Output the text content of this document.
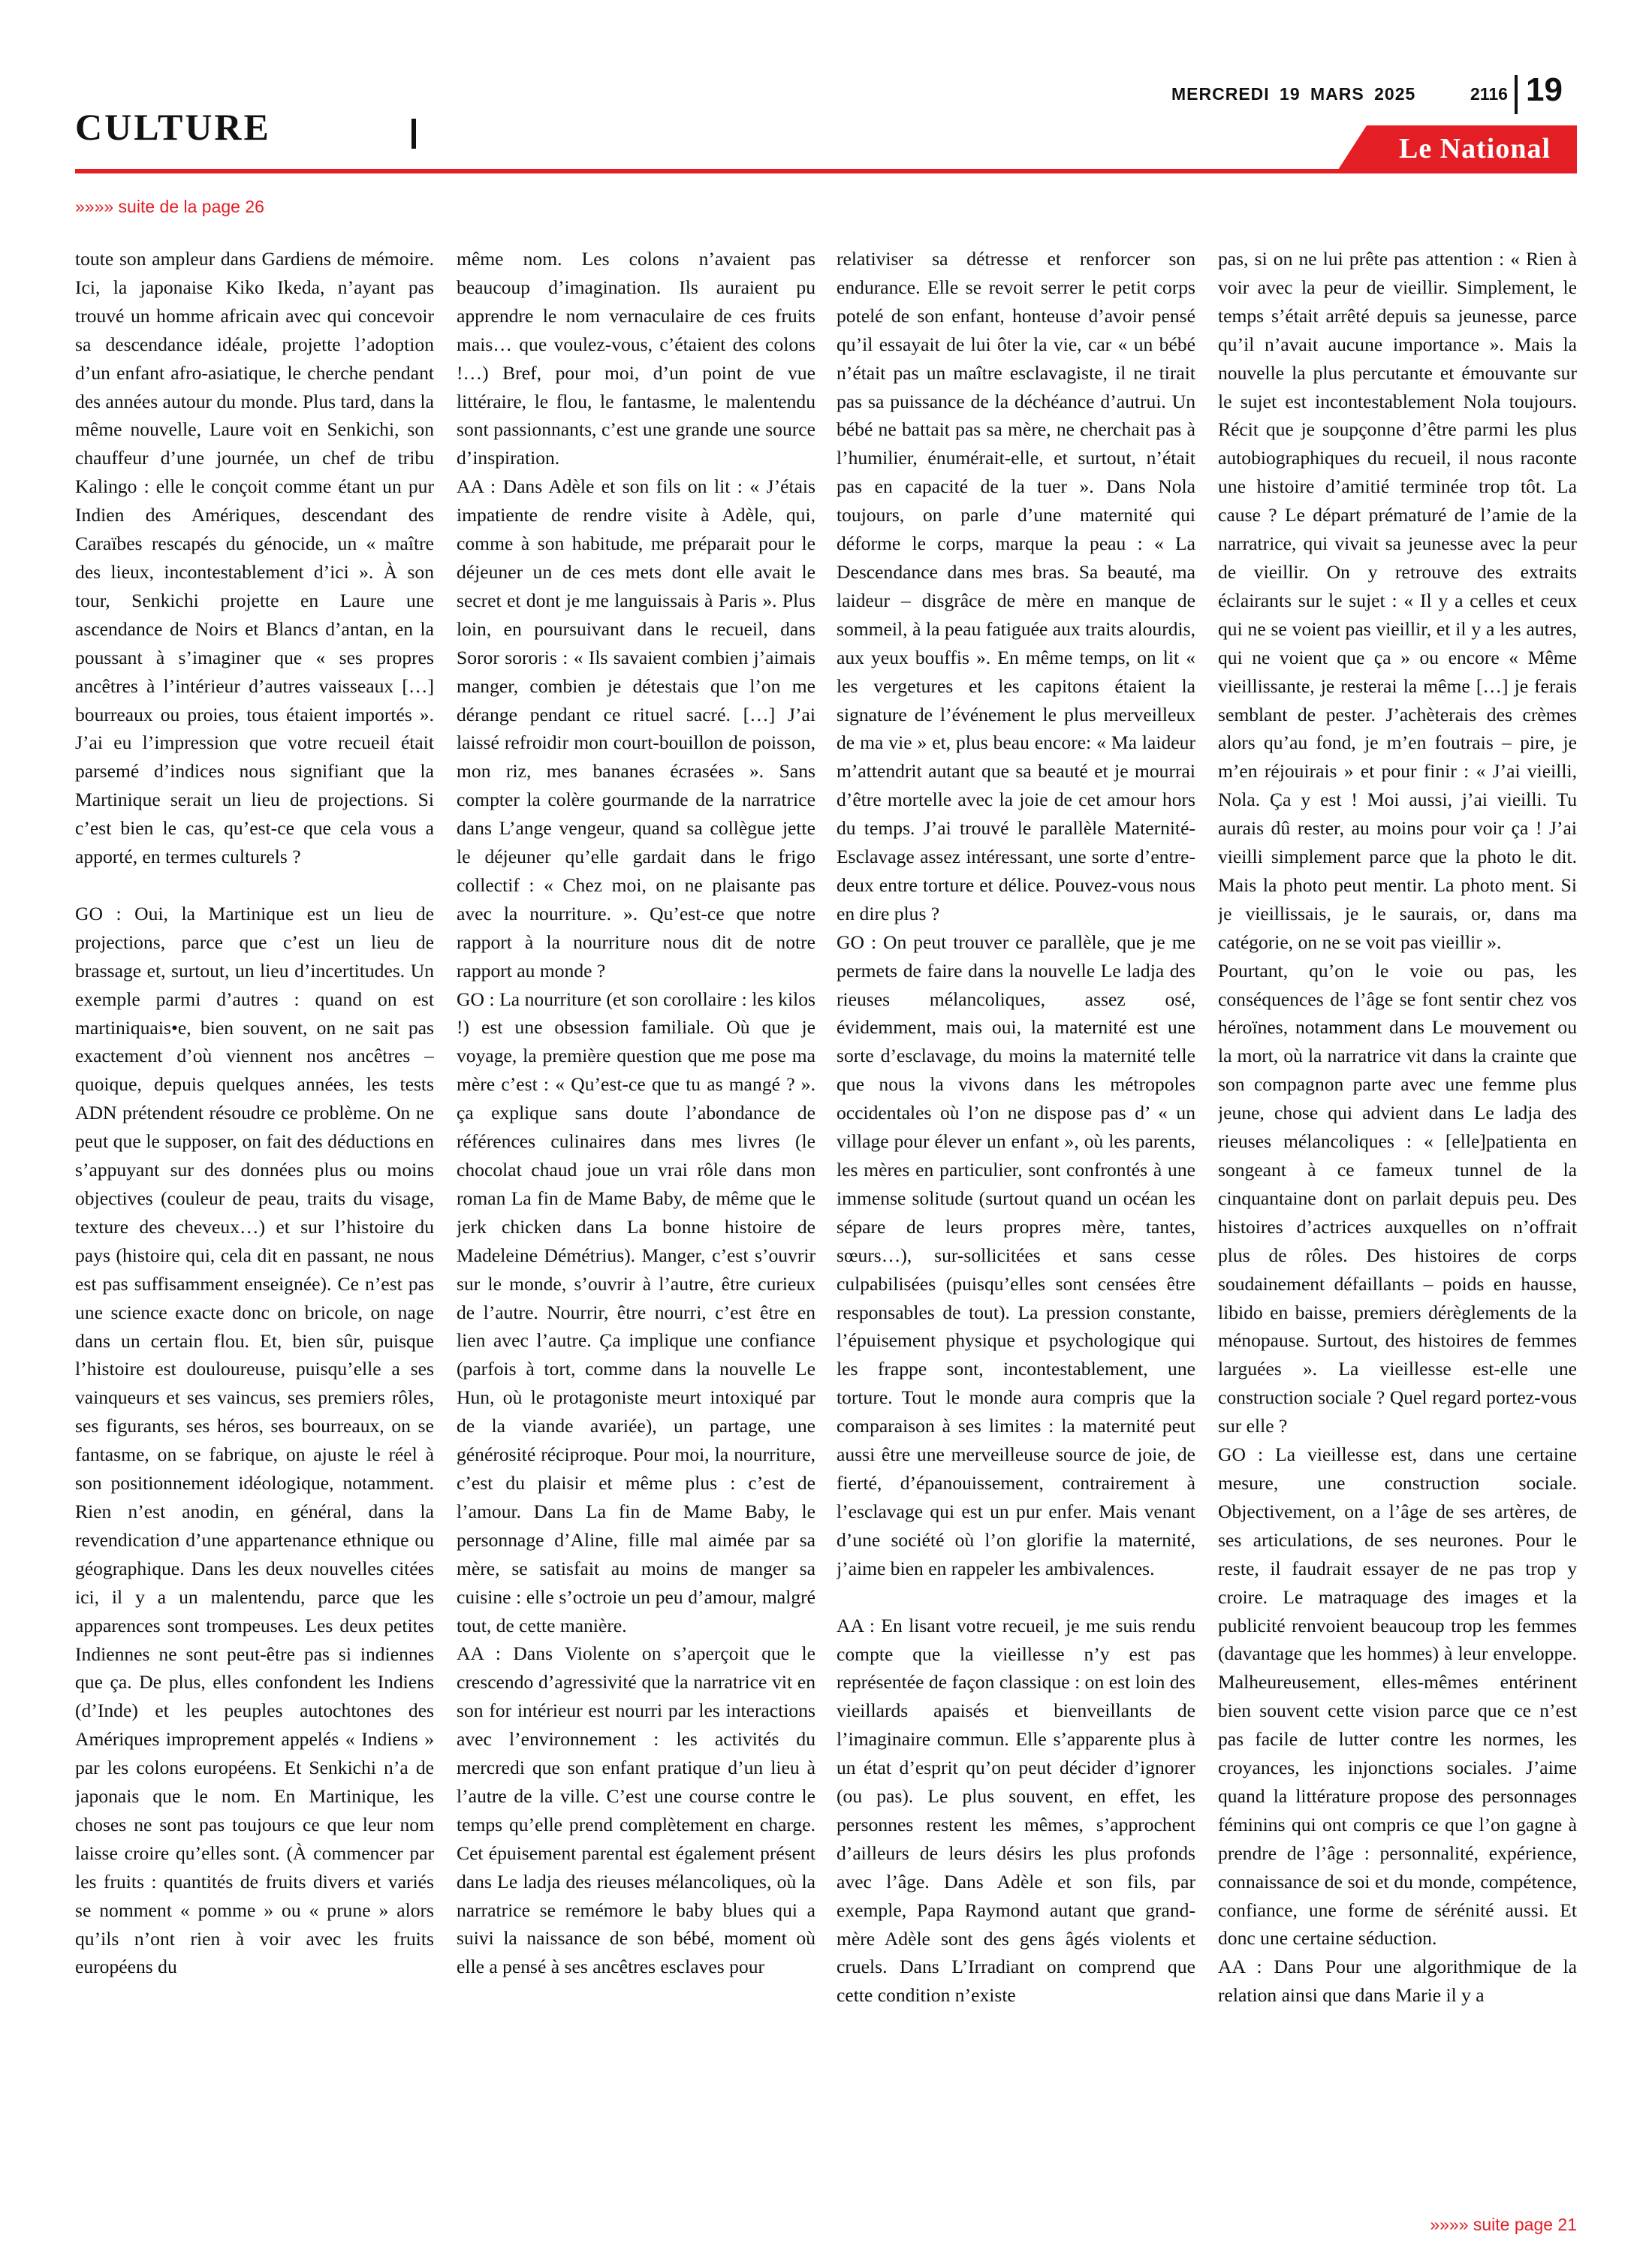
CULTURE
MERCREDI 19 MARS 2025	2116 19
Le National
»»»» suite de la page 26

toute son ampleur dans Gardiens de mémoire. Ici, la japonaise Kiko Ikeda, n’ayant pas trouvé un homme africain avec qui concevoir sa descendance idéale, projette l’adoption d’un enfant afro-asiatique, le cherche pendant des années autour du monde. Plus tard, dans la même nouvelle, Laure voit en Senkichi, son chauffeur d’une journée, un chef de tribu Kalingo : elle le conçoit comme étant un pur Indien des Amériques, descendant des Caraïbes rescapés du génocide, un « maître des lieux, incontestablement d’ici ». À son tour, Senkichi projette en Laure une ascendance de Noirs et Blancs d’antan, en la poussant à s’imaginer que « ses propres ancêtres à l’intérieur d’autres vaisseaux […] bourreaux ou proies, tous étaient importés ». J’ai eu l’impression que votre recueil était parsemé d’indices nous signifiant que la Martinique serait un lieu de projections. Si c’est bien le cas, qu’est-ce que cela vous a apporté, en termes culturels ?

GO : Oui, la Martinique est un lieu de projections, parce que c’est un lieu de brassage et, surtout, un lieu d’incertitudes. Un exemple parmi d’autres : quand on est martiniquais•e, bien souvent, on ne sait pas exactement d’où viennent nos ancêtres – quoique, depuis quelques années, les tests ADN prétendent résoudre ce problème. On ne peut que le supposer, on fait des déductions en s’appuyant sur des données plus ou moins objectives (couleur de peau, traits du visage, texture des cheveux…) et sur l’histoire du pays (histoire qui, cela dit en passant, ne nous est pas suffisamment enseignée). Ce n’est pas une science exacte donc on bricole, on nage dans un certain flou. Et, bien sûr, puisque l’histoire est douloureuse, puisqu’elle a ses vainqueurs et ses vaincus, ses premiers rôles, ses figurants, ses héros, ses bourreaux, on se fantasme, on se fabrique, on ajuste le réel à son positionnement idéologique, notamment. Rien n’est anodin, en général, dans la revendication d’une appartenance ethnique ou géographique. Dans les deux nouvelles citées ici, il y a un malentendu, parce que les apparences sont trompeuses. Les deux petites Indiennes ne sont peut-être pas si indiennes que ça. De plus, elles confondent les Indiens (d’Inde) et les peuples autochtones des Amériques improprement appelés « Indiens » par les colons européens. Et Senkichi n’a de japonais que le nom. En Martinique, les choses ne sont pas toujours ce que leur nom laisse croire qu’elles sont. (À commencer par les fruits : quantités de fruits divers et variés se nomment « pomme » ou « prune » alors qu’ils n’ont rien à voir avec les fruits européens du

même nom. Les colons n’avaient pas beaucoup d’imagination. Ils auraient pu apprendre le nom vernaculaire de ces fruits mais… que voulez-vous, c’étaient des colons !…) Bref, pour moi, d’un point de vue littéraire, le flou, le fantasme, le malentendu sont passionnants, c’est une grande une source d’inspiration.

AA : Dans Adèle et son fils on lit : « J’étais impatiente de rendre visite à Adèle, qui, comme à son habitude, me préparait pour le déjeuner un de ces mets dont elle avait le secret et dont je me languissais à Paris ». Plus loin, en poursuivant dans le recueil, dans Soror sororis : « Ils savaient combien j’aimais manger, combien je détestais que l’on me dérange pendant ce rituel sacré. […] J’ai laissé refroidir mon court-bouillon de poisson, mon riz, mes bananes écrasées ». Sans compter la colère gourmande de la narratrice dans L’ange vengeur, quand sa collègue jette le déjeuner qu’elle gardait dans le frigo collectif : « Chez moi, on ne plaisante pas avec la nourriture. ». Qu’est-ce que notre rapport à la nourriture nous dit de notre rapport au monde ?

GO : La nourriture (et son corollaire : les kilos !) est une obsession familiale. Où que je voyage, la première question que me pose ma mère c’est : « Qu’est-ce que tu as mangé ? ». ça explique sans doute l’abondance de références culinaires dans mes livres (le chocolat chaud joue un vrai rôle dans mon roman La fin de Mame Baby, de même que le jerk chicken dans La bonne histoire de Madeleine Démétrius). Manger, c’est s’ouvrir sur le monde, s’ouvrir à l’autre, être curieux de l’autre. Nourrir, être nourri, c’est être en lien avec l’autre. Ça implique une confiance (parfois à tort, comme dans la nouvelle Le Hun, où le protagoniste meurt intoxiqué par de la viande avariée), un partage, une générosité réciproque. Pour moi, la nourriture, c’est du plaisir et même plus : c’est de l’amour. Dans La fin de Mame Baby, le personnage d’Aline, fille mal aimée par sa mère, se satisfait au moins de manger sa cuisine : elle s’octroie un peu d’amour, malgré tout, de cette manière.

AA : Dans Violente on s’aperçoit que le crescendo d’agressivité que la narratrice vit en son for intérieur est nourri par les interactions avec l’environnement : les activités du mercredi que son enfant pratique d’un lieu à l’autre de la ville. C’est une course contre le temps qu’elle prend complètement en charge. Cet épuisement parental est également présent dans Le ladja des rieuses mélancoliques, où la narratrice se remémore le baby blues qui a suivi la naissance de son bébé, moment où elle a pensé à ses ancêtres esclaves pour

relativiser sa détresse et renforcer son endurance. Elle se revoit serrer le petit corps potelé de son enfant, honteuse d’avoir pensé qu’il essayait de lui ôter la vie, car « un bébé n’était pas un maître esclavagiste, il ne tirait pas sa puissance de la déchéance d’autrui. Un bébé ne battait pas sa mère, ne cherchait pas à l’humilier, énumérait-elle, et surtout, n’était pas en capacité de la tuer ». Dans Nola toujours, on parle d’une maternité qui déforme le corps, marque la peau : « La Descendance dans mes bras. Sa beauté, ma laideur – disgrâce de mère en manque de sommeil, à la peau fatiguée aux traits alourdis, aux yeux bouffis ». En même temps, on lit « les vergetures et les capitons étaient la signature de l’événement le plus merveilleux de ma vie » et, plus beau encore: « Ma laideur m’attendrit autant que sa beauté et je mourrai d’être mortelle avec la joie de cet amour hors du temps. J’ai trouvé le parallèle Maternité-Esclavage assez intéressant, une sorte d’entre-deux entre torture et délice. Pouvez-vous nous en dire plus ?

GO : On peut trouver ce parallèle, que je me permets de faire dans la nouvelle Le ladja des rieuses mélancoliques, assez osé, évidemment, mais oui, la maternité est une sorte d’esclavage, du moins la maternité telle que nous la vivons dans les métropoles occidentales où l’on ne dispose pas d’ « un village pour élever un enfant », où les parents, les mères en particulier, sont confrontés à une immense solitude (surtout quand un océan les sépare de leurs propres mère, tantes, sœurs…), sur-sollicitées et sans cesse culpabilisées (puisqu’elles sont censées être responsables de tout). La pression constante, l’épuisement physique et psychologique qui les frappe sont, incontestablement, une torture. Tout le monde aura compris que la comparaison à ses limites : la maternité peut aussi être une merveilleuse source de joie, de fierté, d’épanouissement, contrairement à l’esclavage qui est un pur enfer. Mais venant d’une société où l’on glorifie la maternité, j’aime bien en rappeler les ambivalences.

AA : En lisant votre recueil, je me suis rendu compte que la vieillesse n’y est pas représentée de façon classique : on est loin des vieillards apaisés et bienveillants de l’imaginaire commun. Elle s’apparente plus à un état d’esprit qu’on peut décider d’ignorer (ou pas). Le plus souvent, en effet, les personnes restent les mêmes, s’approchent d’ailleurs de leurs désirs les plus profonds avec l’âge. Dans Adèle et son fils, par exemple, Papa Raymond autant que grand-mère Adèle sont des gens âgés violents et cruels. Dans L’Irradiant on comprend que cette condition n’existe

pas, si on ne lui prête pas attention : « Rien à voir avec la peur de vieillir. Simplement, le temps s’était arrêté depuis sa jeunesse, parce qu’il n’avait aucune importance ». Mais la nouvelle la plus percutante et émouvante sur le sujet est incontestablement Nola toujours. Récit que je soupçonne d’être parmi les plus autobiographiques du recueil, il nous raconte une histoire d’amitié terminée trop tôt. La cause ? Le départ prématuré de l’amie de la narratrice, qui vivait sa jeunesse avec la peur de vieillir. On y retrouve des extraits éclairants sur le sujet : « Il y a celles et ceux qui ne se voient pas vieillir, et il y a les autres, qui ne voient que ça » ou encore « Même vieillissante, je resterai la même […] je ferais semblant de pester. J’achèterais des crèmes alors qu’au fond, je m’en foutrais – pire, je m’en réjouirais » et pour finir : « J’ai vieilli, Nola. Ça y est ! Moi aussi, j’ai vieilli. Tu aurais dû rester, au moins pour voir ça ! J’ai vieilli simplement parce que la photo le dit. Mais la photo peut mentir. La photo ment. Si je vieillissais, je le saurais, or, dans ma catégorie, on ne se voit pas vieillir ».

Pourtant, qu’on le voie ou pas, les conséquences de l’âge se font sentir chez vos héroïnes, notamment dans Le mouvement ou la mort, où la narratrice vit dans la crainte que son compagnon parte avec une femme plus jeune, chose qui advient dans Le ladja des rieuses mélancoliques : « [elle]patienta en songeant à ce fameux tunnel de la cinquantaine dont on parlait depuis peu. Des histoires d’actrices auxquelles on n’offrait plus de rôles. Des histoires de corps soudainement défaillants – poids en hausse, libido en baisse, premiers dérèglements de la ménopause. Surtout, des histoires de femmes larguées ». La vieillesse est-elle une construction sociale ? Quel regard portez-vous sur elle ?

GO : La vieillesse est, dans une certaine mesure, une construction sociale. Objectivement, on a l’âge de ses artères, de ses articulations, de ses neurones. Pour le reste, il faudrait essayer de ne pas trop y croire. Le matraquage des images et la publicité renvoient beaucoup trop les femmes (davantage que les hommes) à leur enveloppe. Malheureusement, elles-mêmes entérinent bien souvent cette vision parce que ce n’est pas facile de lutter contre les normes, les croyances, les injonctions sociales. J’aime quand la littérature propose des personnages féminins qui ont compris ce que l’on gagne à prendre de l’âge : personnalité, expérience, connaissance de soi et du monde, compétence, confiance, une forme de sérénité aussi. Et donc une certaine séduction.

AA : Dans Pour une algorithmique de la relation ainsi que dans Marie il y a

»»»» suite page 21
